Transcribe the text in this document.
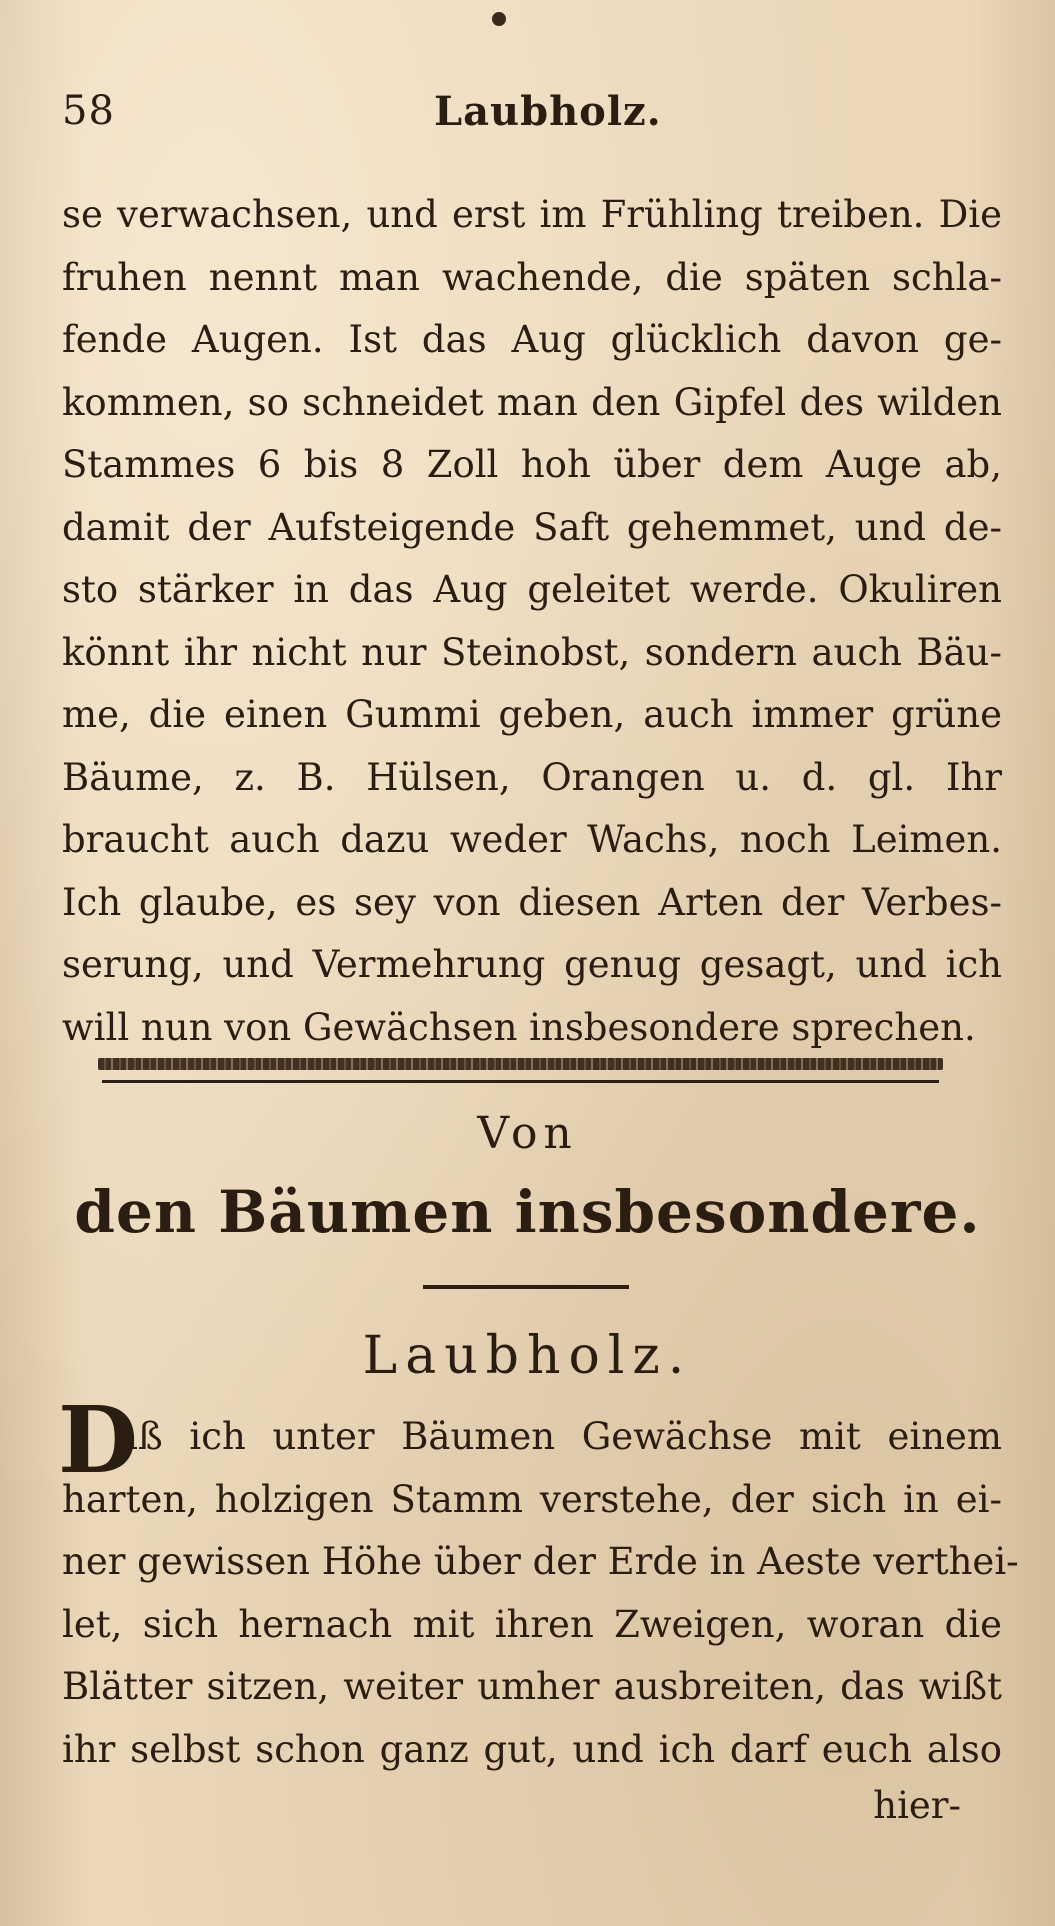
58	Laubholz.
se verwachsen, und erst im Frühling treiben. Die
fruhen nennt man wachende, die späten schla-
fende Augen. Ist das Aug glücklich davon ge-
kommen, so schneidet man den Gipfel des wilden
Stammes 6 bis 8 Zoll hoh über dem Auge ab,
damit der Aufsteigende Saft gehemmet, und de-
sto stärker in das Aug geleitet werde. Okuliren
könnt ihr nicht nur Steinobst, sondern auch Bäu-
me, die einen Gummi geben, auch immer grüne
Bäume, z. B. Hülsen, Orangen u. d. gl. Ihr
braucht auch dazu weder Wachs, noch Leimen.
Ich glaube, es sey von diesen Arten der Verbes-
serung, und Vermehrung genug gesagt, und ich
will nun von Gewächsen insbesondere sprechen.
Von
den Bäumen insbesondere.
Laubholz.
D
aß ich unter Bäumen Gewächse mit einem
harten, holzigen Stamm verstehe, der sich in ei-
ner gewissen Höhe über der Erde in Aeste verthei-
let, sich hernach mit ihren Zweigen, woran die
Blätter sitzen, weiter umher ausbreiten, das wißt
ihr selbst schon ganz gut, und ich darf euch also
hier-
